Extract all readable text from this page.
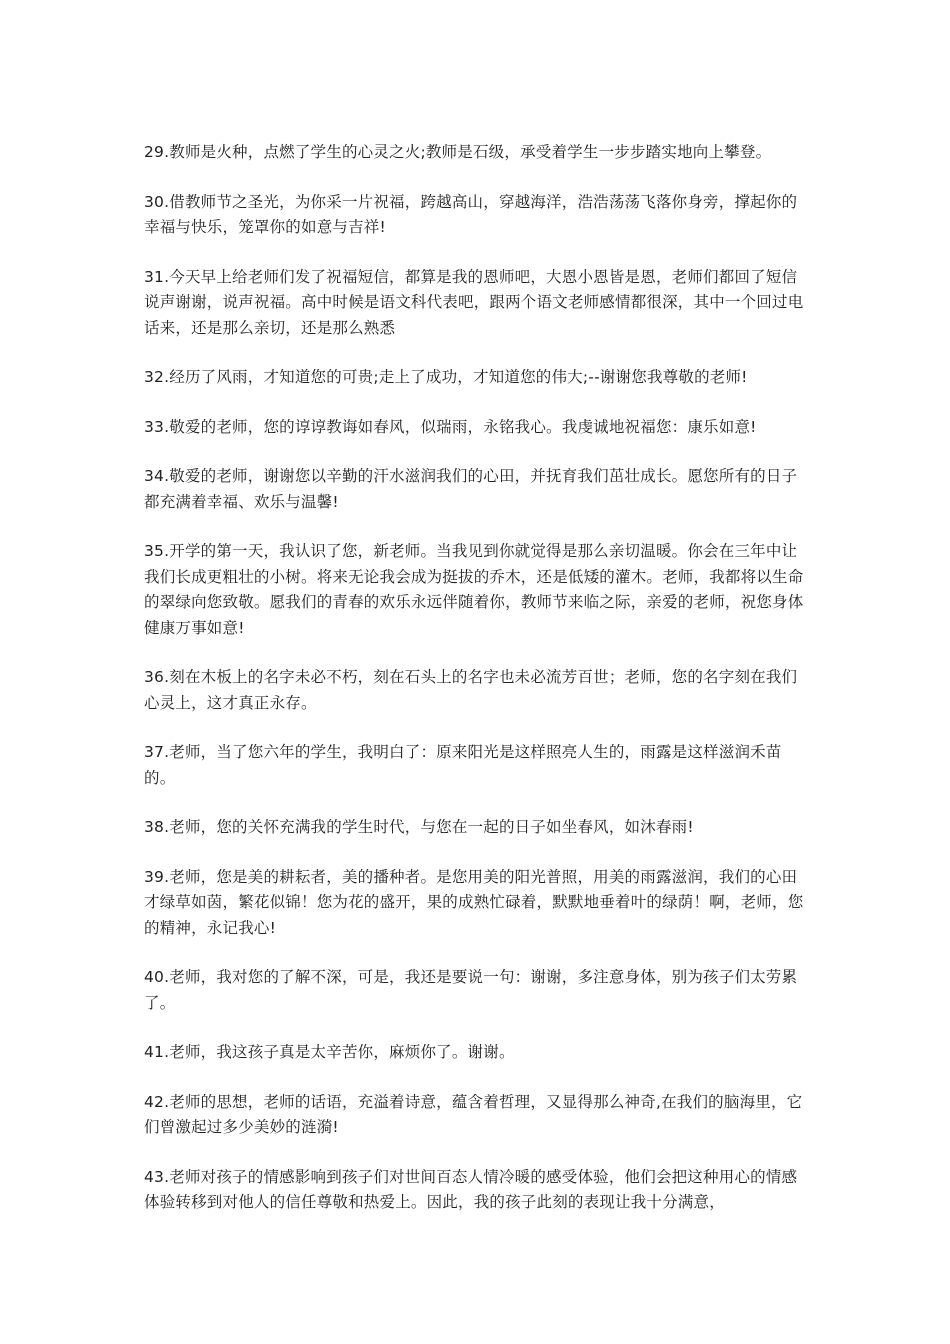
29.教师是火种，点燃了学生的心灵之火;教师是石级，承受着学生一步步踏实地向上攀登。

30.借教师节之圣光，为你采一片祝福，跨越高山，穿越海洋，浩浩荡荡飞落你身旁，撑起你的幸福与快乐，笼罩你的如意与吉祥!

31.今天早上给老师们发了祝福短信，都算是我的恩师吧，大恩小恩皆是恩，老师们都回了短信说声谢谢，说声祝福。高中时候是语文科代表吧，跟两个语文老师感情都很深，其中一个回过电话来，还是那么亲切，还是那么熟悉

32.经历了风雨，才知道您的可贵;走上了成功，才知道您的伟大;--谢谢您我尊敬的老师!

33.敬爱的老师，您的谆谆教诲如春风，似瑞雨，永铭我心。我虔诚地祝福您：康乐如意!

34.敬爱的老师，谢谢您以辛勤的汗水滋润我们的心田，并抚育我们茁壮成长。愿您所有的日子都充满着幸福、欢乐与温馨!

35.开学的第一天，我认识了您，新老师。当我见到你就觉得是那么亲切温暖。你会在三年中让我们长成更粗壮的小树。将来无论我会成为挺拔的乔木，还是低矮的灌木。老师，我都将以生命的翠绿向您致敬。愿我们的青春的欢乐永远伴随着你，教师节来临之际，亲爱的老师，祝您身体健康万事如意!

36.刻在木板上的名字未必不朽，刻在石头上的名字也未必流芳百世；老师，您的名字刻在我们心灵上，这才真正永存。

37.老师，当了您六年的学生，我明白了：原来阳光是这样照亮人生的，雨露是这样滋润禾苗的。

38.老师，您的关怀充满我的学生时代，与您在一起的日子如坐春风，如沐春雨!

39.老师，您是美的耕耘者，美的播种者。是您用美的阳光普照，用美的雨露滋润，我们的心田才绿草如茵，繁花似锦！您为花的盛开，果的成熟忙碌着，默默地垂着叶的绿荫！啊，老师，您的精神，永记我心!

40.老师，我对您的了解不深，可是，我还是要说一句：谢谢，多注意身体，别为孩子们太劳累了。

41.老师，我这孩子真是太辛苦你，麻烦你了。谢谢。

42.老师的思想，老师的话语，充溢着诗意，蕴含着哲理，又显得那么神奇,在我们的脑海里，它们曾激起过多少美妙的涟漪!

43.老师对孩子的情感影响到孩子们对世间百态人情冷暖的感受体验，他们会把这种用心的情感体验转移到对他人的信任尊敬和热爱上。因此，我的孩子此刻的表现让我十分满意，
